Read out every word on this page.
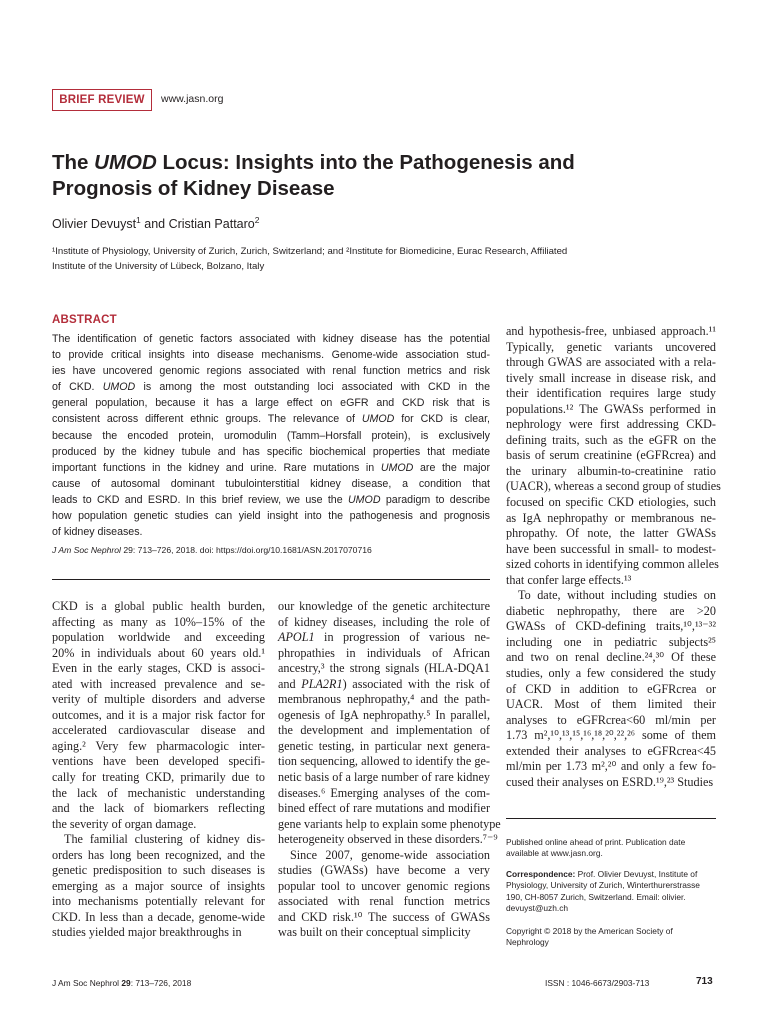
BRIEF REVIEW	www.jasn.org
The UMOD Locus: Insights into the Pathogenesis and
Prognosis of Kidney Disease
Olivier Devuyst$^1$ and Cristian Pattaro$^2$
¹Institute of Physiology, University of Zurich, Zurich, Switzerland; and ²Institute for Biomedicine, Eurac Research, Affiliated
Institute of the University of Lübeck, Bolzano, Italy
ABSTRACT
The identification of genetic factors associated with kidney disease has the potential
to provide critical insights into disease mechanisms. Genome-wide association stud-
ies have uncovered genomic regions associated with renal function metrics and risk
of CKD. UMOD is among the most outstanding loci associated with CKD in the
general population, because it has a large effect on eGFR and CKD risk that is
consistent across different ethnic groups. The relevance of UMOD for CKD is clear,
because the encoded protein, uromodulin (Tamm–Horsfall protein), is exclusively
produced by the kidney tubule and has specific biochemical properties that mediate
important functions in the kidney and urine. Rare mutations in UMOD are the major
cause of autosomal dominant tubulointerstitial kidney disease, a condition that
leads to CKD and ESRD. In this brief review, we use the UMOD paradigm to describe
how population genetic studies can yield insight into the pathogenesis and prognosis
of kidney diseases.
J Am Soc Nephrol 29: 713–726, 2018. doi: https://doi.org/10.1681/ASN.2017070716
CKD is a global public health burden,
affecting as many as 10%–15% of the
population worldwide and exceeding
20% in individuals about 60 years old.¹
Even in the early stages, CKD is associ-
ated with increased prevalence and se-
verity of multiple disorders and adverse
outcomes, and it is a major risk factor for
accelerated cardiovascular disease and
aging.² Very few pharmacologic inter-
ventions have been developed specifi-
cally for treating CKD, primarily due to
the lack of mechanistic understanding
and the lack of biomarkers reflecting
the severity of organ damage.
The familial clustering of kidney dis-
orders has long been recognized, and the
genetic predisposition to such diseases is
emerging as a major source of insights
into mechanisms potentially relevant for
CKD. In less than a decade, genome-wide
studies yielded major breakthroughs in
our knowledge of the genetic architecture
of kidney diseases, including the role of
APOL1 in progression of various ne-
phropathies in individuals of African
ancestry,³ the strong signals (HLA-DQA1
and PLA2R1) associated with the risk of
membranous nephropathy,⁴ and the path-
ogenesis of IgA nephropathy.⁵ In parallel,
the development and implementation of
genetic testing, in particular next genera-
tion sequencing, allowed to identify the ge-
netic basis of a large number of rare kidney
diseases.⁶ Emerging analyses of the com-
bined effect of rare mutations and modifier
gene variants help to explain some phenotype
heterogeneity observed in these disorders.⁷⁻⁹
Since 2007, genome-wide association
studies (GWASs) have become a very
popular tool to uncover genomic regions
associated with renal function metrics
and CKD risk.¹⁰ The success of GWASs
was built on their conceptual simplicity
and hypothesis-free, unbiased approach.¹¹
Typically, genetic variants uncovered
through GWAS are associated with a rela-
tively small increase in disease risk, and
their identification requires large study
populations.¹² The GWASs performed in
nephrology were first addressing CKD-
defining traits, such as the eGFR on the
basis of serum creatinine (eGFRcrea) and
the urinary albumin-to-creatinine ratio
(UACR), whereas a second group of studies
focused on specific CKD etiologies, such
as IgA nephropathy or membranous ne-
phropathy. Of note, the latter GWASs
have been successful in small- to modest-
sized cohorts in identifying common alleles
that confer large effects.¹³
To date, without including studies on
diabetic nephropathy, there are >20
GWASs of CKD-defining traits,¹⁰,¹³⁻³²
including one in pediatric subjects²⁵
and two on renal decline.²⁴,³⁰ Of these
studies, only a few considered the study
of CKD in addition to eGFRcrea or
UACR. Most of them limited their
analyses to eGFRcrea<60 ml/min per
1.73 m²,¹⁰,¹³,¹⁵,¹⁶,¹⁸,²⁰,²²,²⁶ some of them
extended their analyses to eGFRcrea<45
ml/min per 1.73 m²,²⁰ and only a few fo-
cused their analyses on ESRD.¹⁹,²³ Studies
Published online ahead of print. Publication date
available at www.jasn.org.
Correspondence: Prof. Olivier Devuyst, Institute of
Physiology, University of Zurich, Winterthurerstrasse
190, CH-8057 Zurich, Switzerland. Email: olivier.
devuyst@uzh.ch
Copyright © 2018 by the American Society of
Nephrology
J Am Soc Nephrol 29: 713–726, 2018	ISSN : 1046-6673/2903-713	713
